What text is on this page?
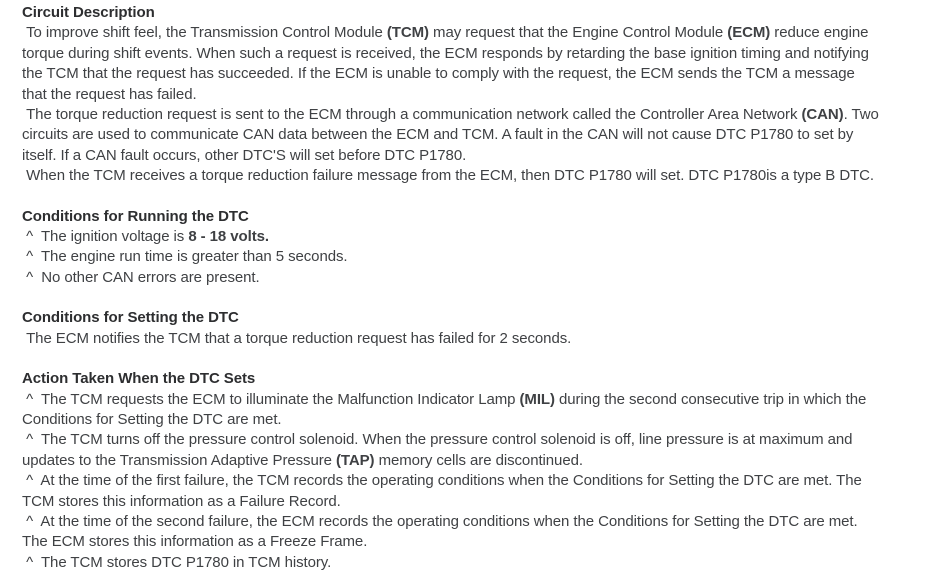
Circuit Description

To improve shift feel, the Transmission Control Module (TCM) may request that the Engine Control Module (ECM) reduce engine torque during shift events. When such a request is received, the ECM responds by retarding the base ignition timing and notifying the TCM that the request has succeeded. If the ECM is unable to comply with the request, the ECM sends the TCM a message that the request has failed.

The torque reduction request is sent to the ECM through a communication network called the Controller Area Network (CAN). Two circuits are used to communicate CAN data between the ECM and TCM. A fault in the CAN will not cause DTC P1780 to set by itself. If a CAN fault occurs, other DTC'S will set before DTC P1780.

When the TCM receives a torque reduction failure message from the ECM, then DTC P1780 will set. DTC P1780is a type B DTC.

Conditions for Running the DTC

^  The ignition voltage is 8 - 18 volts.

^  The engine run time is greater than 5 seconds.

^  No other CAN errors are present.

Conditions for Setting the DTC

The ECM notifies the TCM that a torque reduction request has failed for 2 seconds.

Action Taken When the DTC Sets

^  The TCM requests the ECM to illuminate the Malfunction Indicator Lamp (MIL) during the second consecutive trip in which the Conditions for Setting the DTC are met.

^  The TCM turns off the pressure control solenoid. When the pressure control solenoid is off, line pressure is at maximum and updates to the Transmission Adaptive Pressure (TAP) memory cells are discontinued.

^  At the time of the first failure, the TCM records the operating conditions when the Conditions for Setting the DTC are met. The TCM stores this information as a Failure Record.

^  At the time of the second failure, the ECM records the operating conditions when the Conditions for Setting the DTC are met. The ECM stores this information as a Freeze Frame.

^  The TCM stores DTC P1780 in TCM history.
